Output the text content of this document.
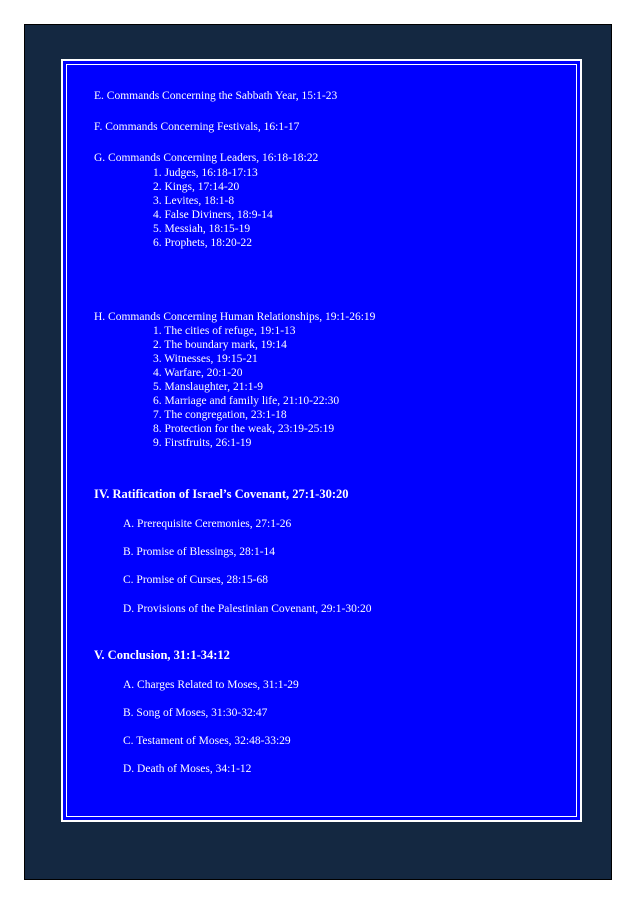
E. Commands Concerning the Sabbath Year, 15:1-23
F. Commands Concerning Festivals, 16:1-17
G. Commands Concerning Leaders, 16:18-18:22
1. Judges, 16:18-17:13
2. Kings, 17:14-20
3. Levites, 18:1-8
4. False Diviners, 18:9-14
5. Messiah, 18:15-19
6. Prophets, 18:20-22
H. Commands Concerning Human Relationships, 19:1-26:19
1. The cities of refuge, 19:1-13
2. The boundary mark, 19:14
3. Witnesses, 19:15-21
4. Warfare, 20:1-20
5. Manslaughter, 21:1-9
6. Marriage and family life, 21:10-22:30
7. The congregation, 23:1-18
8. Protection for the weak, 23:19-25:19
9. Firstfruits, 26:1-19
IV. Ratification of Israel’s Covenant, 27:1-30:20
A. Prerequisite Ceremonies, 27:1-26
B. Promise of Blessings, 28:1-14
C. Promise of Curses, 28:15-68
D. Provisions of the Palestinian Covenant, 29:1-30:20
V. Conclusion, 31:1-34:12
A. Charges Related to Moses, 31:1-29
B. Song of Moses, 31:30-32:47
C. Testament of Moses, 32:48-33:29
D. Death of Moses, 34:1-12
